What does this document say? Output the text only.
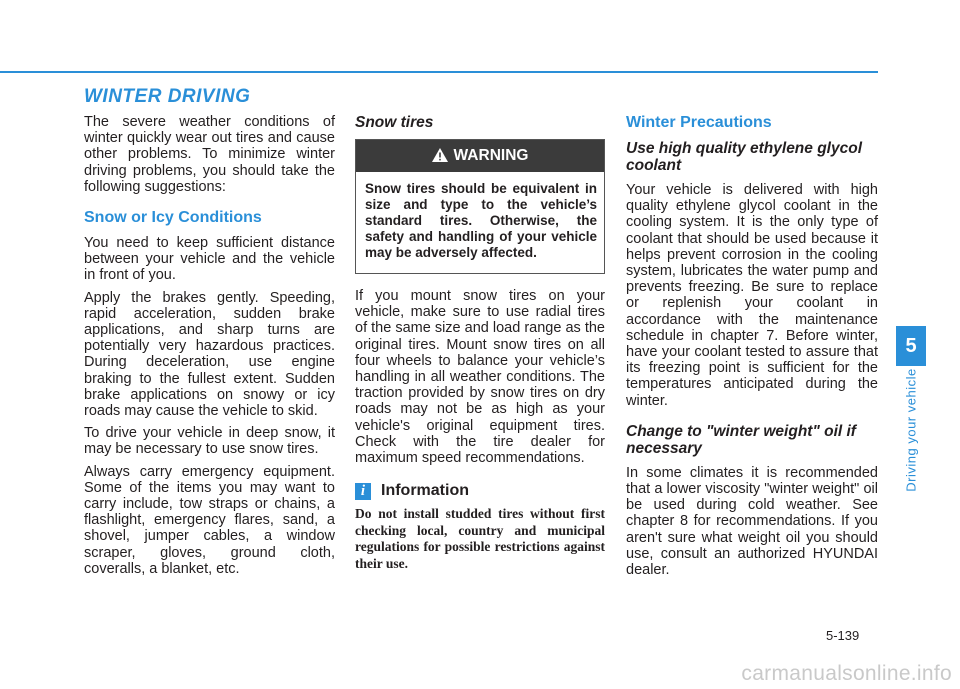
WINTER DRIVING

The severe weather conditions of winter quickly wear out tires and cause other problems. To minimize winter driving problems, you should take the following suggestions:

Snow or Icy Conditions

You need to keep sufficient distance between your vehicle and the vehicle in front of you.

Apply the brakes gently. Speeding, rapid acceleration, sudden brake applications, and sharp turns are potentially very hazardous practices. During deceleration, use engine braking to the fullest extent. Sudden brake applications on snowy or icy roads may cause the vehicle to skid.

To drive your vehicle in deep snow, it may be necessary to use snow tires.

Always carry emergency equipment. Some of the items you may want to carry include, tow straps or chains, a flashlight, emergency flares, sand, a shovel, jumper cables, a window scraper, gloves, ground cloth, coveralls, a blanket, etc.

Snow tires
WARNING
Snow tires should be equivalent in size and type to the vehicle’s standard tires. Otherwise, the safety and handling of your vehicle may be adversely affected.

If you mount snow tires on your vehicle, make sure to use radial tires of the same size and load range as the original tires. Mount snow tires on all four wheels to balance your vehicle’s handling in all weather conditions. The traction provided by snow tires on dry roads may not be as high as your vehicle's original equipment tires. Check with the tire dealer for maximum speed recommendations.

i Information
Do not install studded tires without first checking local, country and municipal regulations for possible restrictions against their use.
Winter Precautions
Use high quality ethylene glycol coolant

Your vehicle is delivered with high quality ethylene glycol coolant in the cooling system. It is the only type of coolant that should be used because it helps prevent corrosion in the cooling system, lubricates the water pump and prevents freezing. Be sure to replace or replenish your coolant in accordance with the maintenance schedule in chapter 7. Before winter, have your coolant tested to assure that its freezing point is sufficient for the temperatures anticipated during the winter.

Change to "winter weight" oil if necessary

In some climates it is recommended that a lower viscosity "winter weight" oil be used during cold weather. See chapter 8 for recommendations. If you aren't sure what weight oil you should use, consult an authorized HYUNDAI dealer.

5
Driving your vehicle
5-139
carmanualsonline.info
